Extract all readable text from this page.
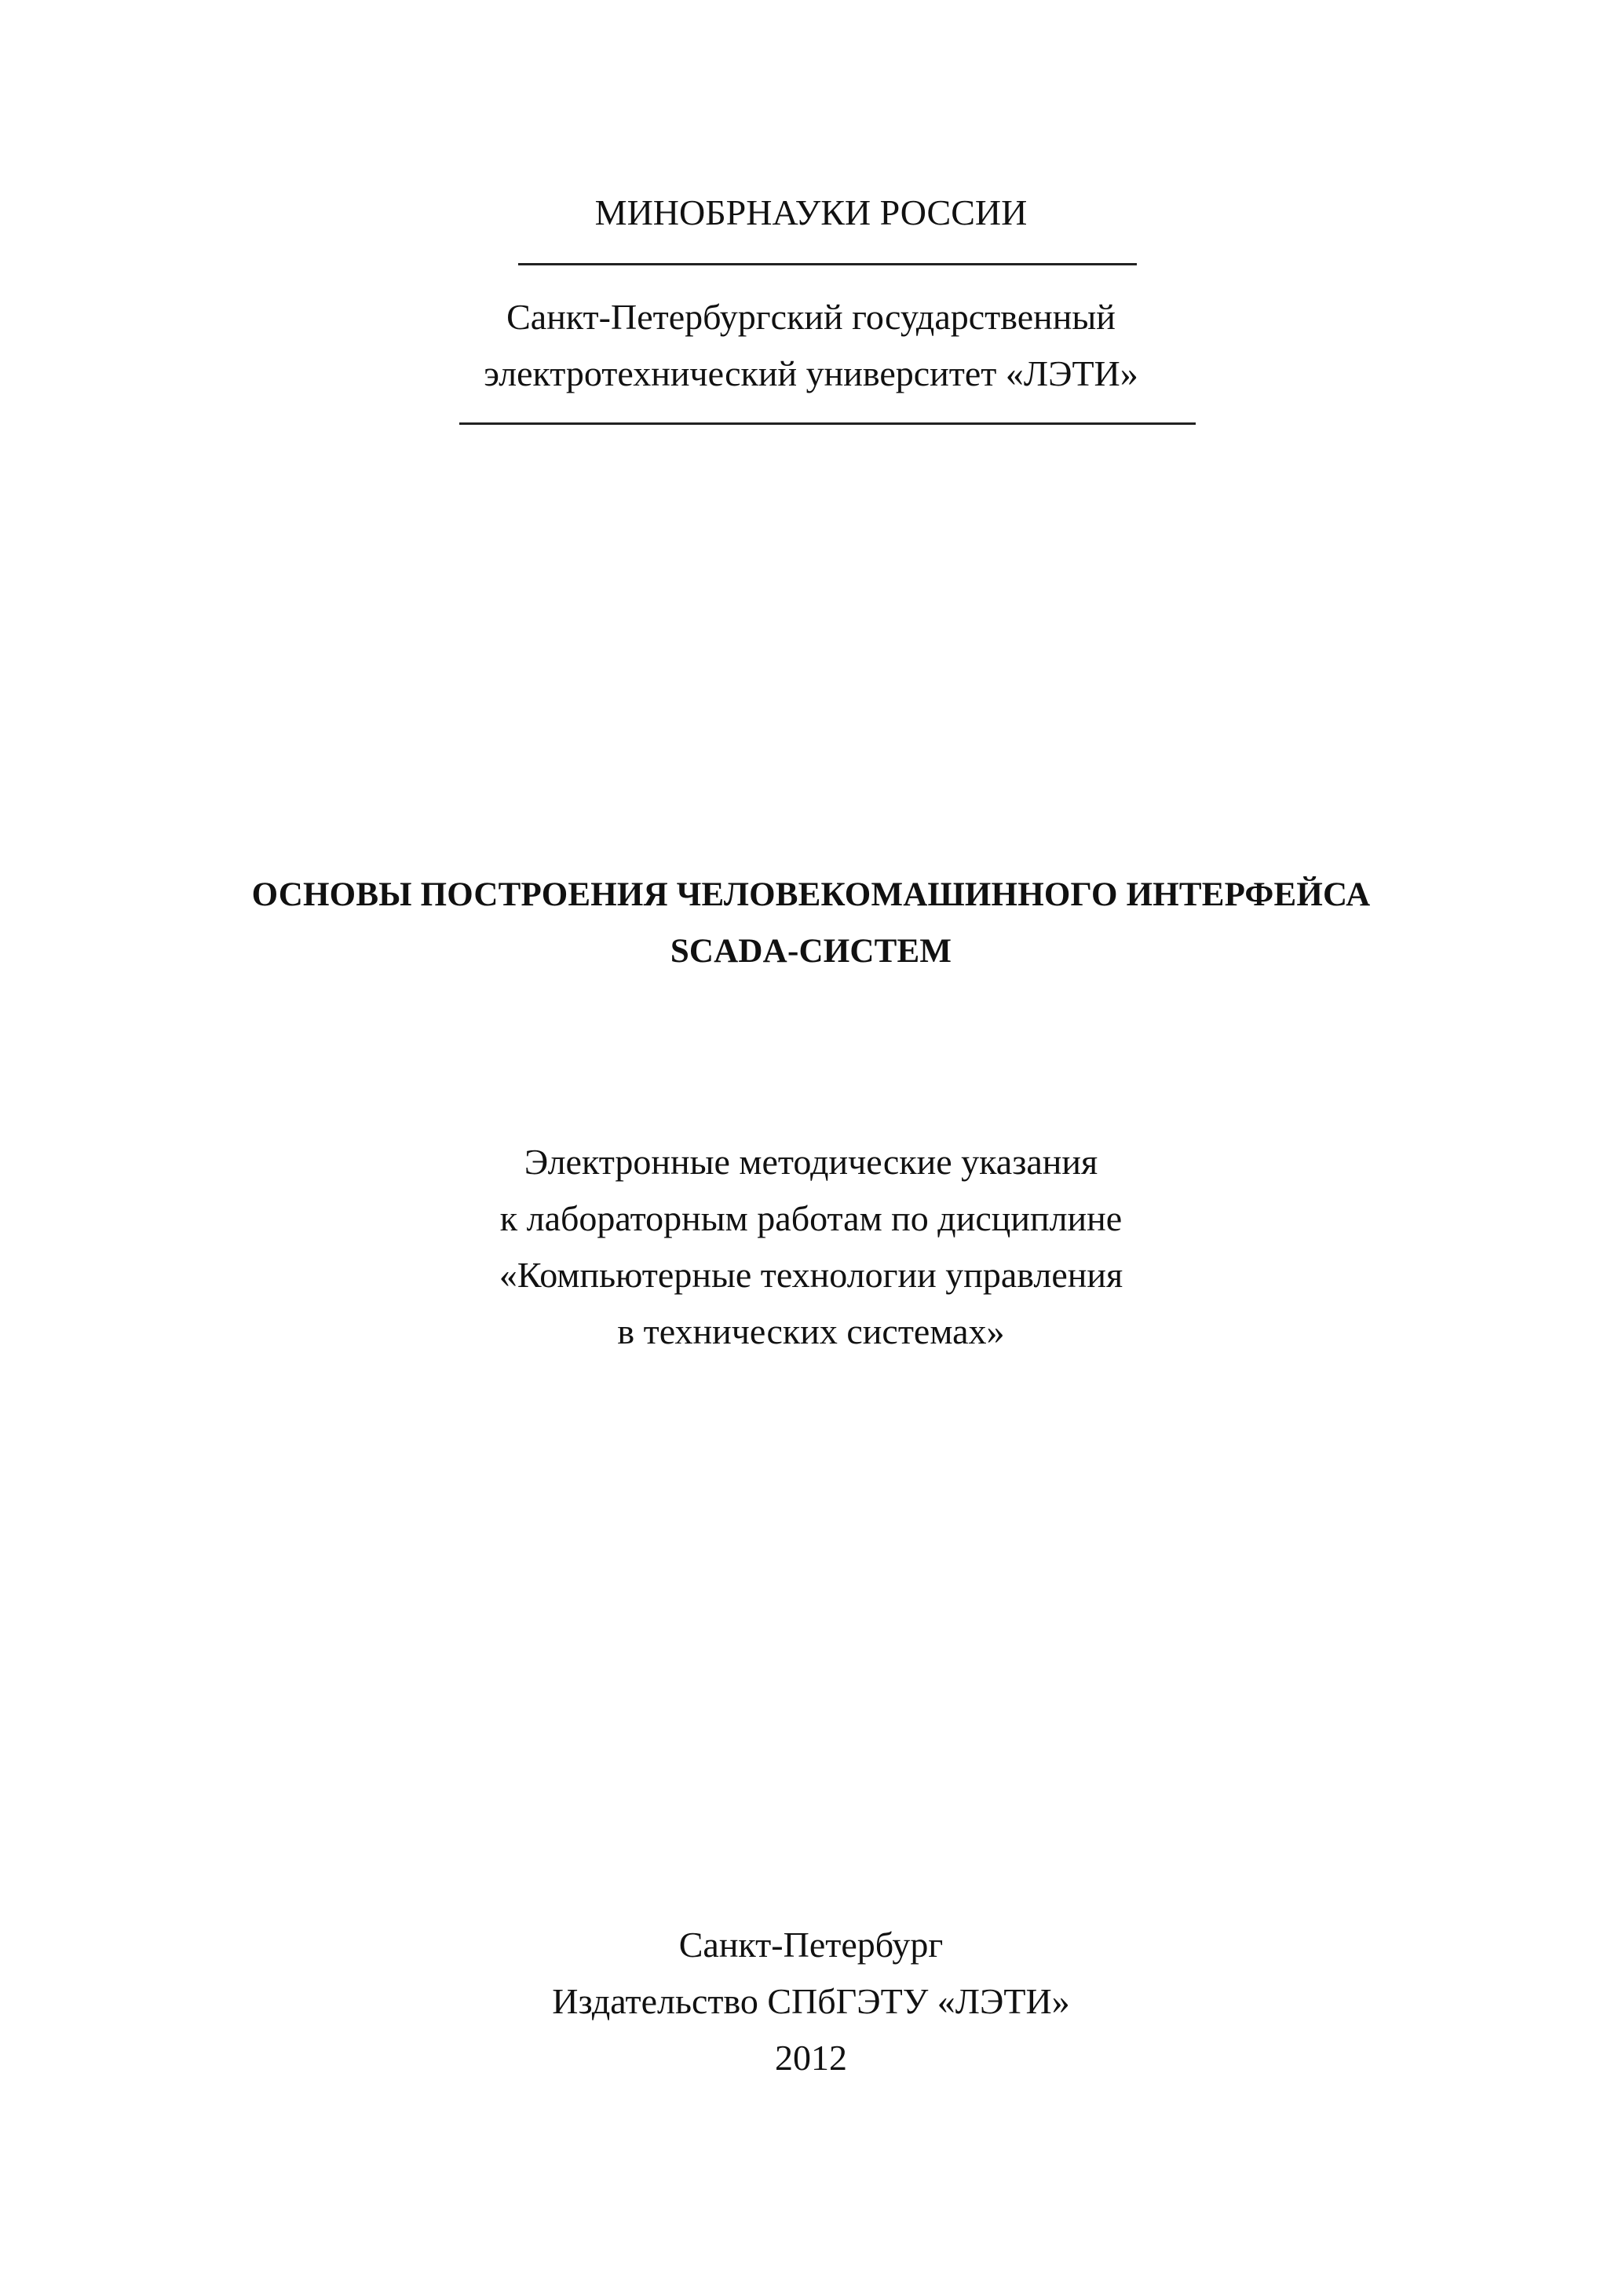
МИНОБРНАУКИ РОССИИ
Санкт-Петербургский государственный
электротехнический университет «ЛЭТИ»
ОСНОВЫ ПОСТРОЕНИЯ ЧЕЛОВЕКОМАШИННОГО ИНТЕРФЕЙСА
SCADA-СИСТЕМ
Электронные методические указания
к лабораторным работам по дисциплине
«Компьютерные технологии управления
в технических системах»
Санкт-Петербург
Издательство СПбГЭТУ «ЛЭТИ»
2012
